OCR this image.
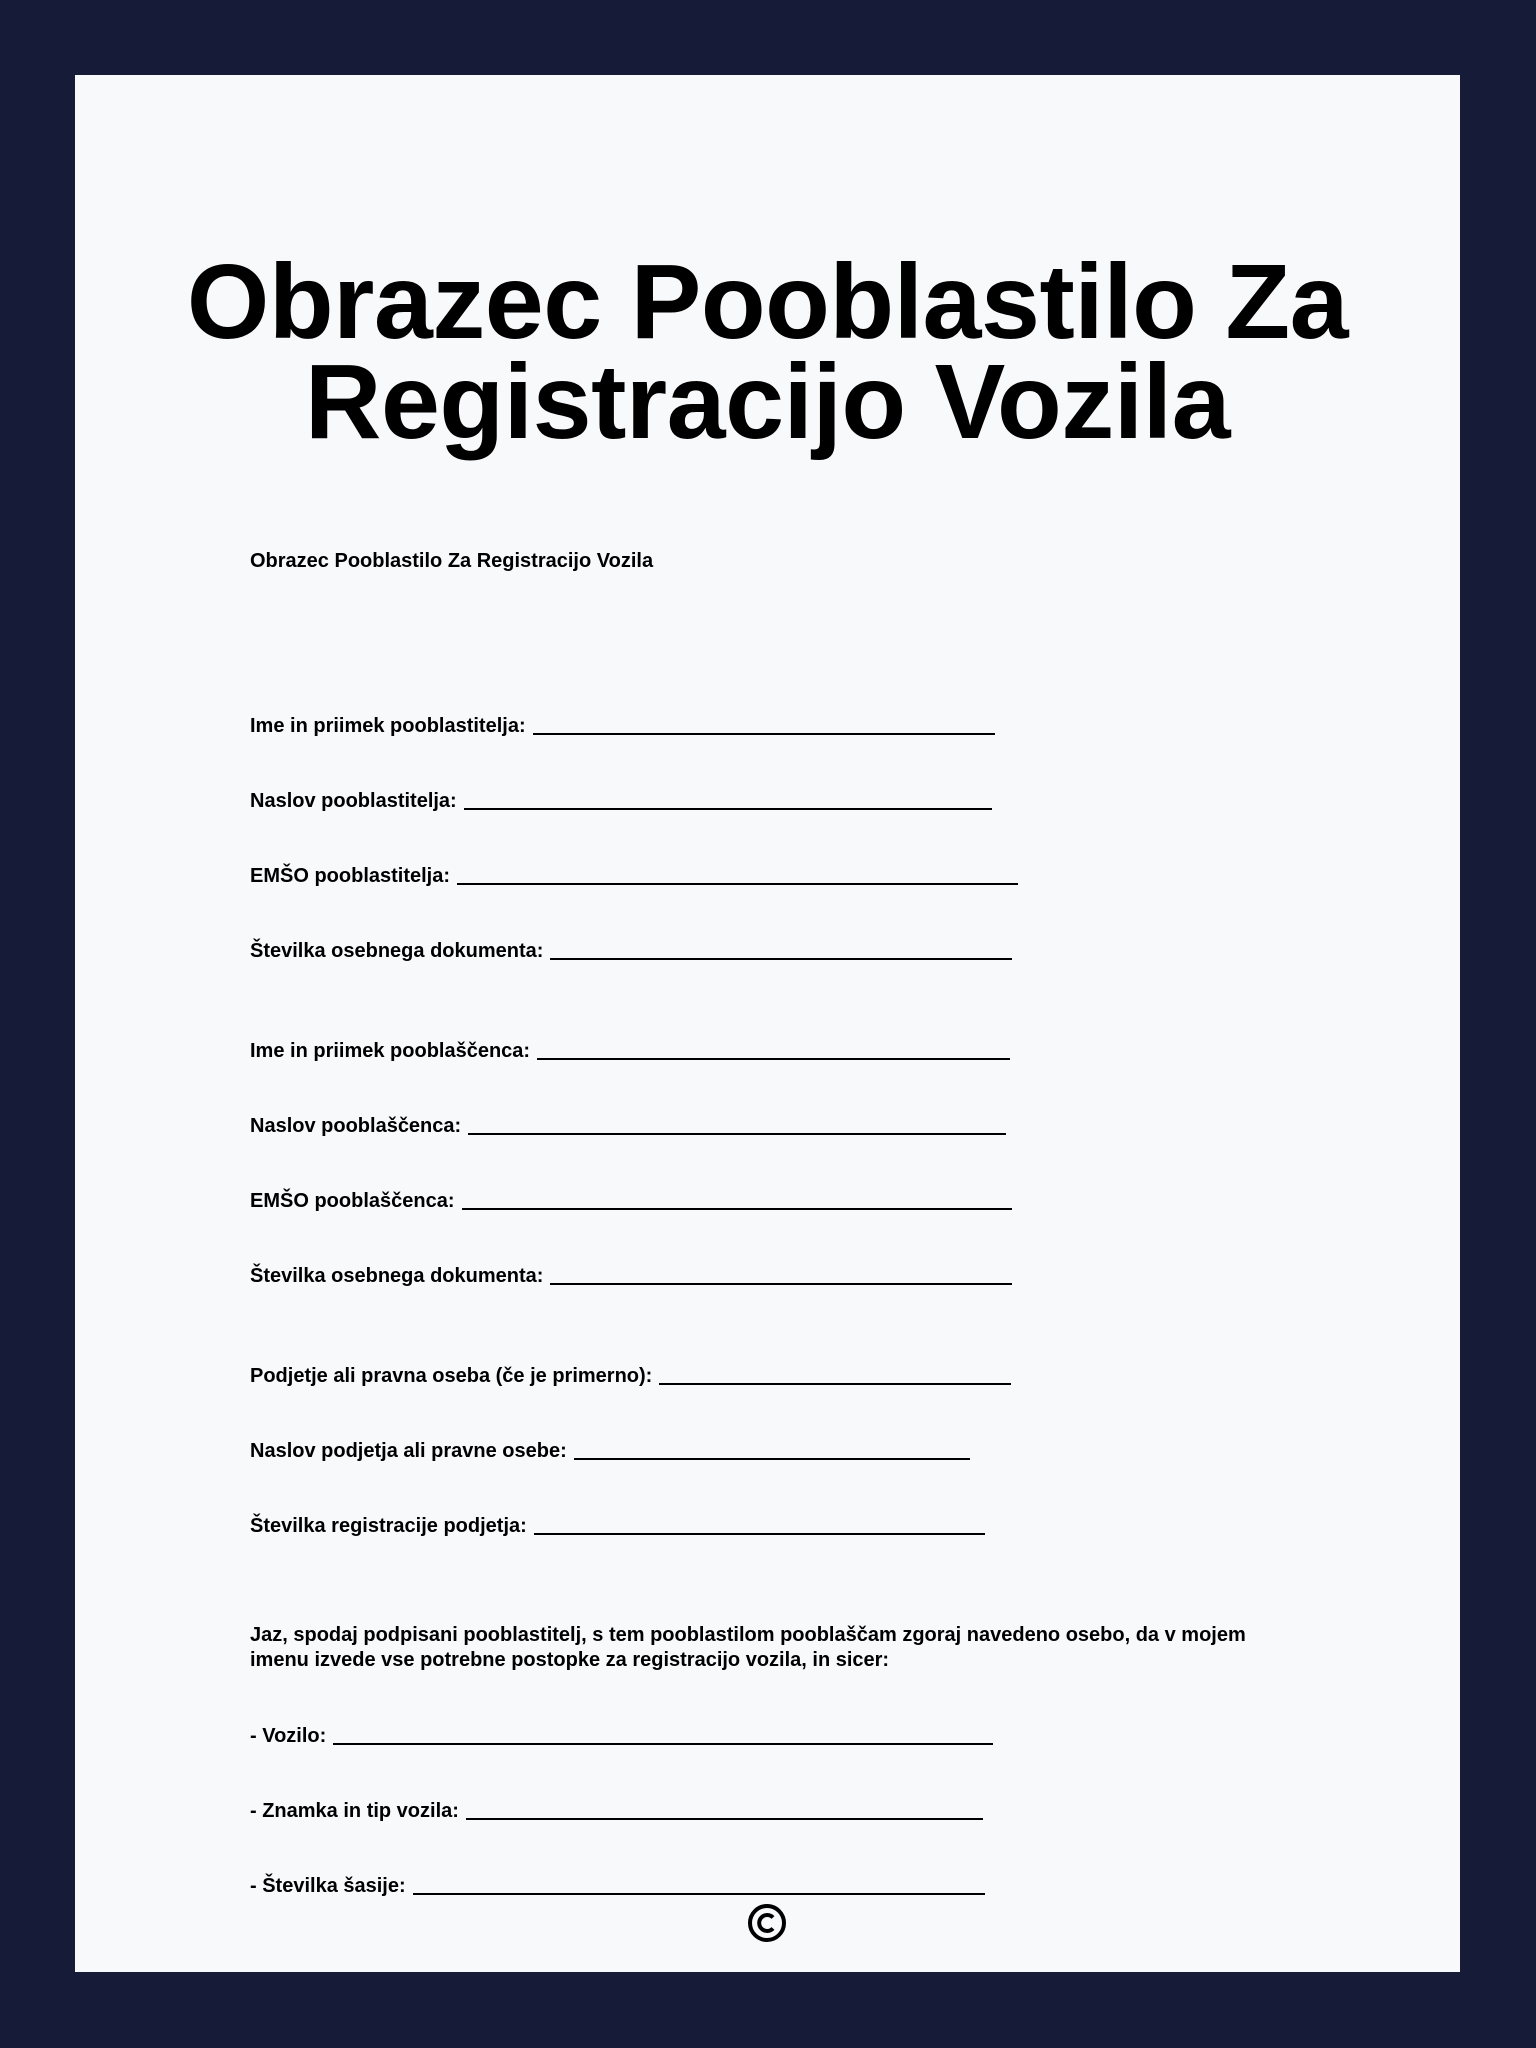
Obrazec Pooblastilo Za
Registracijo Vozila

Obrazec Pooblastilo Za Registracijo Vozila

Ime in priimek pooblastitelja:
Naslov pooblastitelja:
EMŠO pooblastitelja:
Številka osebnega dokumenta:
Ime in priimek pooblaščenca:
Naslov pooblaščenca:
EMŠO pooblaščenca:
Številka osebnega dokumenta:
Podjetje ali pravna oseba (če je primerno):
Naslov podjetja ali pravne osebe:
Številka registracije podjetja:

Jaz, spodaj podpisani pooblastitelj, s tem pooblastilom pooblaščam zgoraj navedeno osebo, da v mojem imenu izvede vse potrebne postopke za registracijo vozila, in sicer:

- Vozilo:
- Znamka in tip vozila:
- Številka šasije:
